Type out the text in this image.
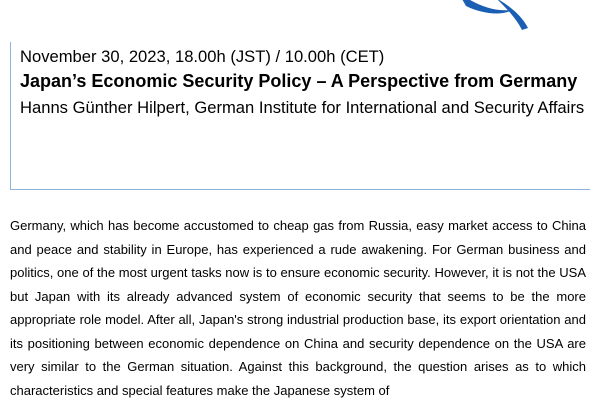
November 30, 2023, 18.00h (JST) / 10.00h (CET)
Japan’s Economic Security Policy – A Perspective from Germany
Hanns Günther Hilpert, German Institute for International and Security Affairs

Germany, which has become accustomed to cheap gas from Russia, easy market access to China and peace and stability in Europe, has experienced a rude awakening. For German business and politics, one of the most urgent tasks now is to ensure economic security. However, it is not the USA but Japan with its already advanced system of economic security that seems to be the more appropriate role model. After all, Japan's strong industrial production base, its export orientation and its positioning between economic dependence on China and security dependence on the USA are very similar to the German situation. Against this background, the question arises as to which characteristics and special features make the Japanese system of
